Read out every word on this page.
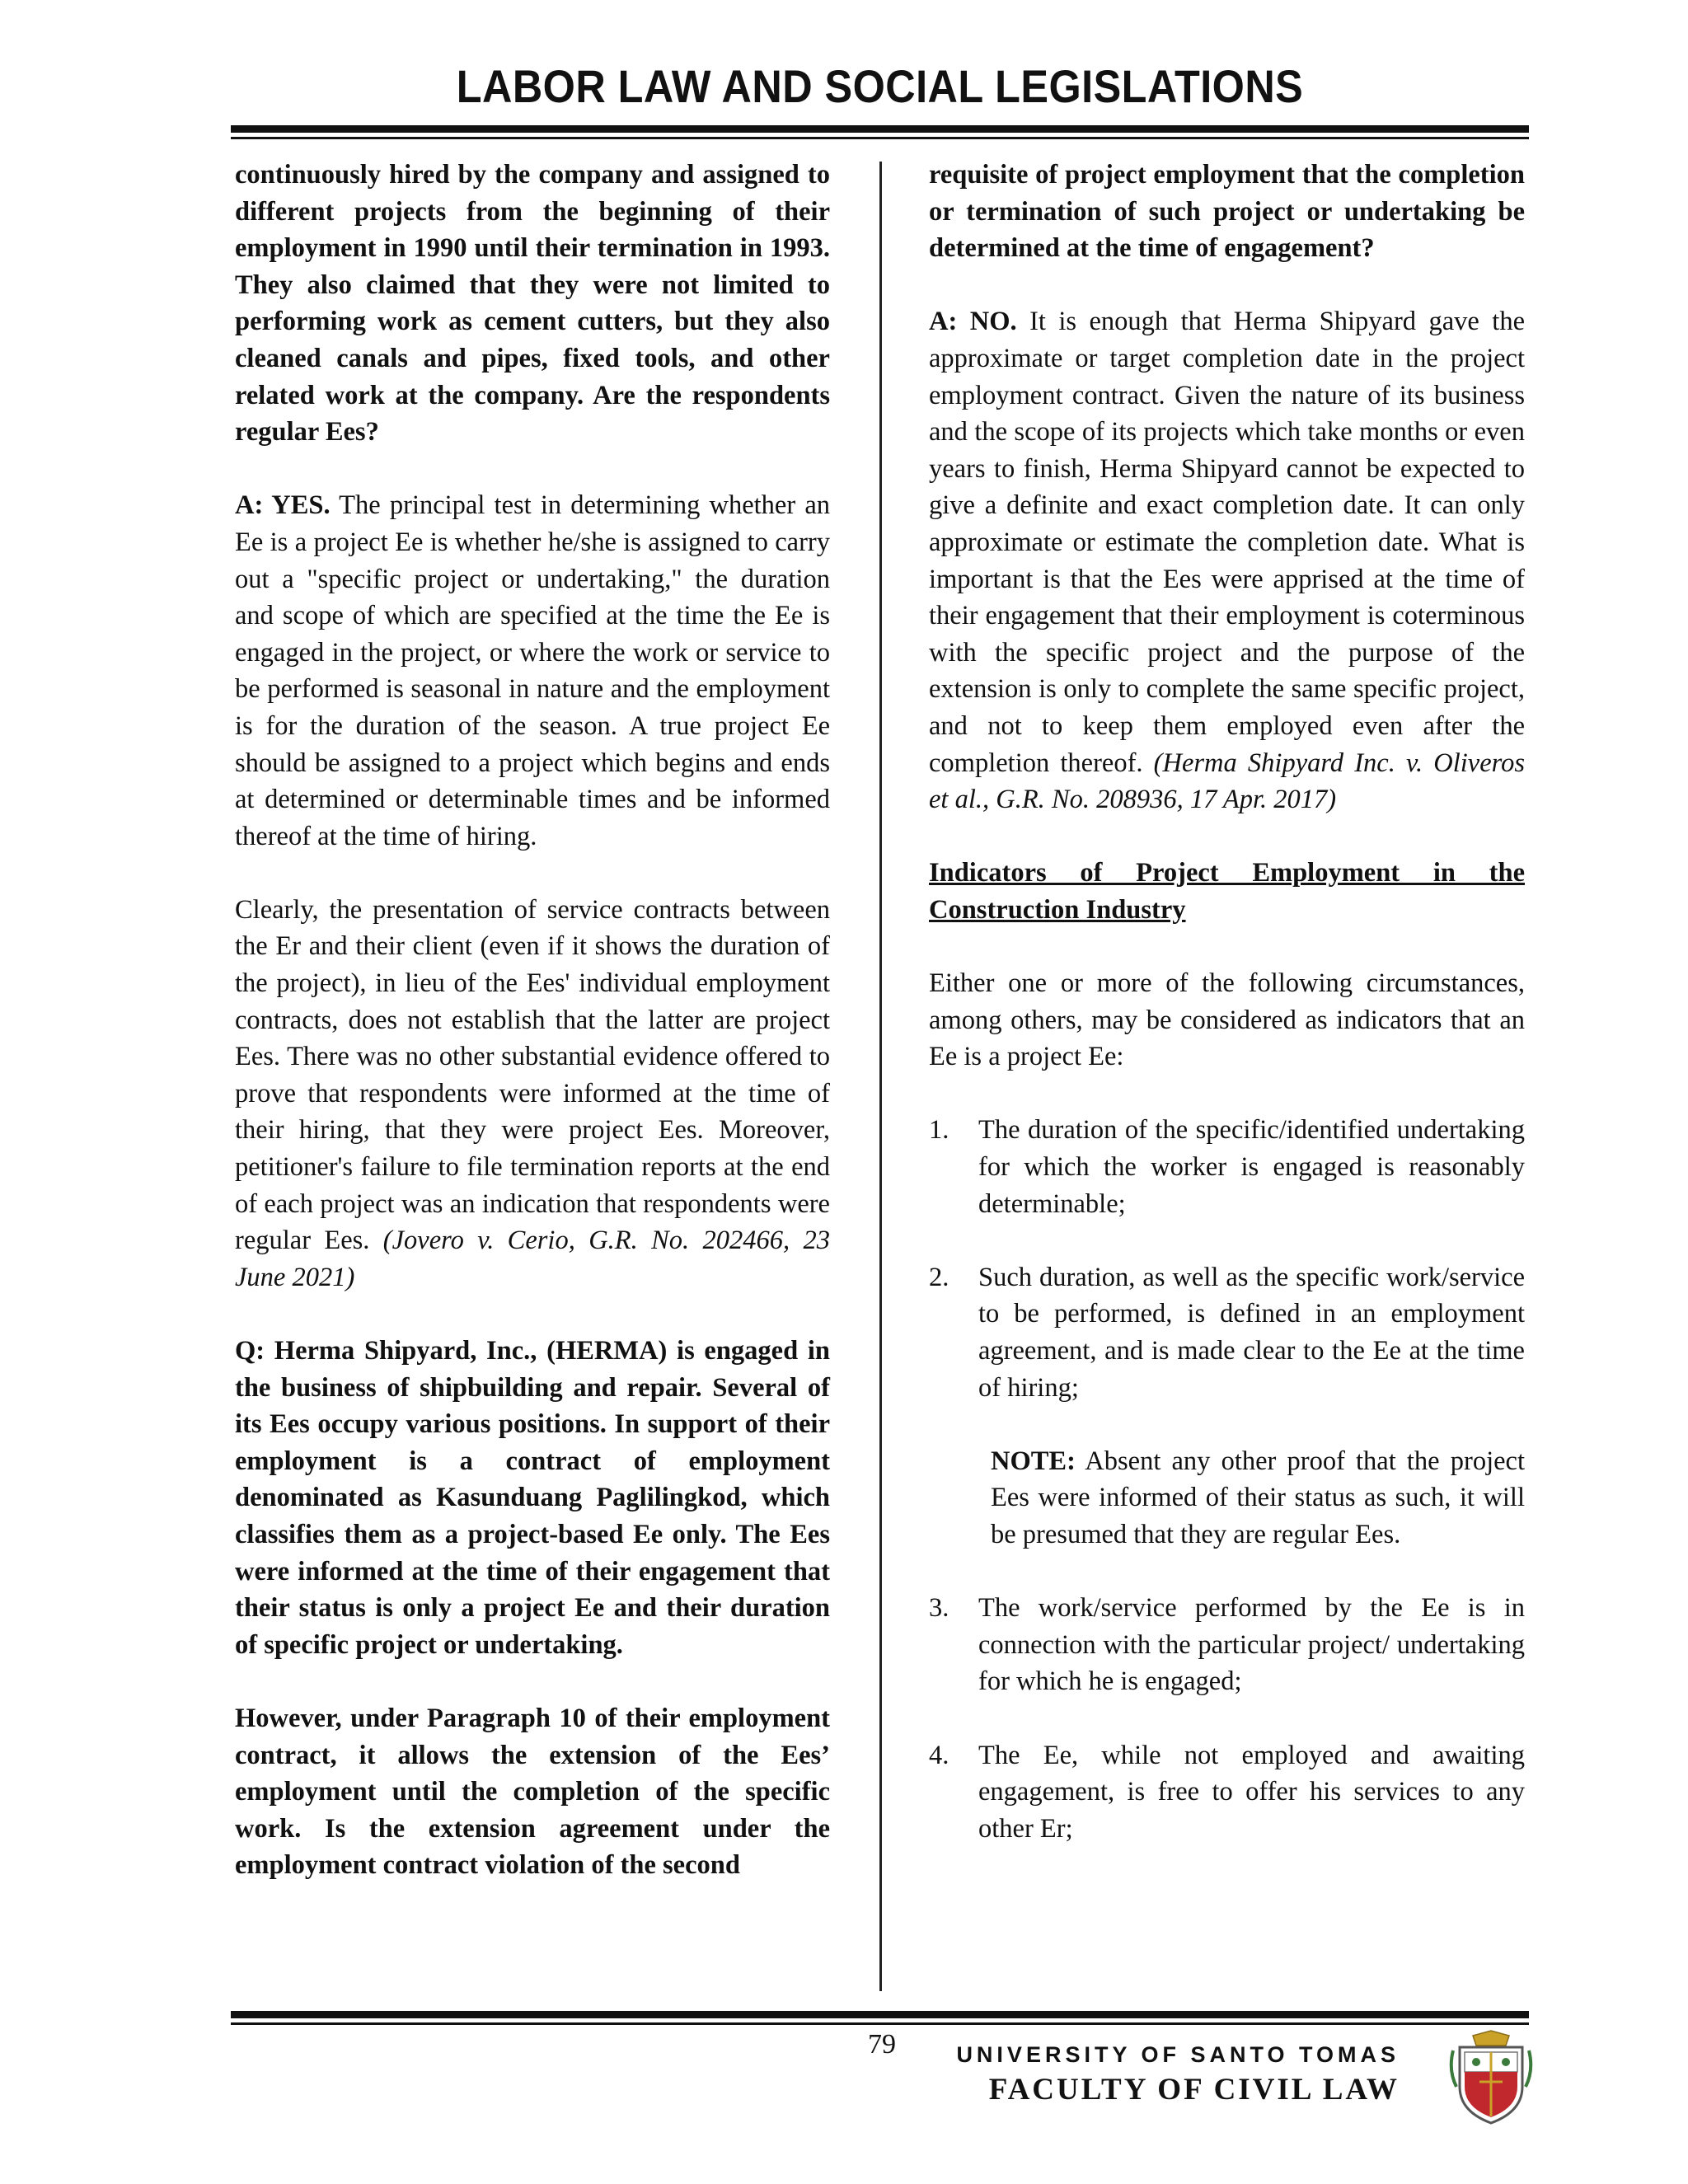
LABOR LAW AND SOCIAL LEGISLATIONS

continuously hired by the company and assigned to different projects from the beginning of their employment in 1990 until their termination in 1993. They also claimed that they were not limited to performing work as cement cutters, but they also cleaned canals and pipes, fixed tools, and other related work at the company. Are the respondents regular Ees?

A: YES. The principal test in determining whether an Ee is a project Ee is whether he/she is assigned to carry out a "specific project or undertaking," the duration and scope of which are specified at the time the Ee is engaged in the project, or where the work or service to be performed is seasonal in nature and the employment is for the duration of the season. A true project Ee should be assigned to a project which begins and ends at determined or determinable times and be informed thereof at the time of hiring.

Clearly, the presentation of service contracts between the Er and their client (even if it shows the duration of the project), in lieu of the Ees' individual employment contracts, does not establish that the latter are project Ees. There was no other substantial evidence offered to prove that respondents were informed at the time of their hiring, that they were project Ees. Moreover, petitioner's failure to file termination reports at the end of each project was an indication that respondents were regular Ees. (Jovero v. Cerio, G.R. No. 202466, 23 June 2021)

Q: Herma Shipyard, Inc., (HERMA) is engaged in the business of shipbuilding and repair. Several of its Ees occupy various positions. In support of their employment is a contract of employment denominated as Kasunduang Paglilingkod, which classifies them as a project-based Ee only. The Ees were informed at the time of their engagement that their status is only a project Ee and their duration of specific project or undertaking.

However, under Paragraph 10 of their employment contract, it allows the extension of the Ees’ employment until the completion of the specific work. Is the extension agreement under the employment contract violation of the second

requisite of project employment that the completion or termination of such project or undertaking be determined at the time of engagement?

A: NO. It is enough that Herma Shipyard gave the approximate or target completion date in the project employment contract. Given the nature of its business and the scope of its projects which take months or even years to finish, Herma Shipyard cannot be expected to give a definite and exact completion date. It can only approximate or estimate the completion date. What is important is that the Ees were apprised at the time of their engagement that their employment is coterminous with the specific project and the purpose of the extension is only to complete the same specific project, and not to keep them employed even after the completion thereof. (Herma Shipyard Inc. v. Oliveros et al., G.R. No. 208936, 17 Apr. 2017)

Indicators of Project Employment in the Construction Industry

Either one or more of the following circumstances, among others, may be considered as indicators that an Ee is a project Ee:

1. The duration of the specific/identified undertaking for which the worker is engaged is reasonably determinable;
2. Such duration, as well as the specific work/service to be performed, is defined in an employment agreement, and is made clear to the Ee at the time of hiring;

NOTE: Absent any other proof that the project Ees were informed of their status as such, it will be presumed that they are regular Ees.

3. The work/service performed by the Ee is in connection with the particular project/ undertaking for which he is engaged;
4. The Ee, while not employed and awaiting engagement, is free to offer his services to any other Er;
79	UNIVERSITY OF SANTO TOMAS
FACULTY OF CIVIL LAW
